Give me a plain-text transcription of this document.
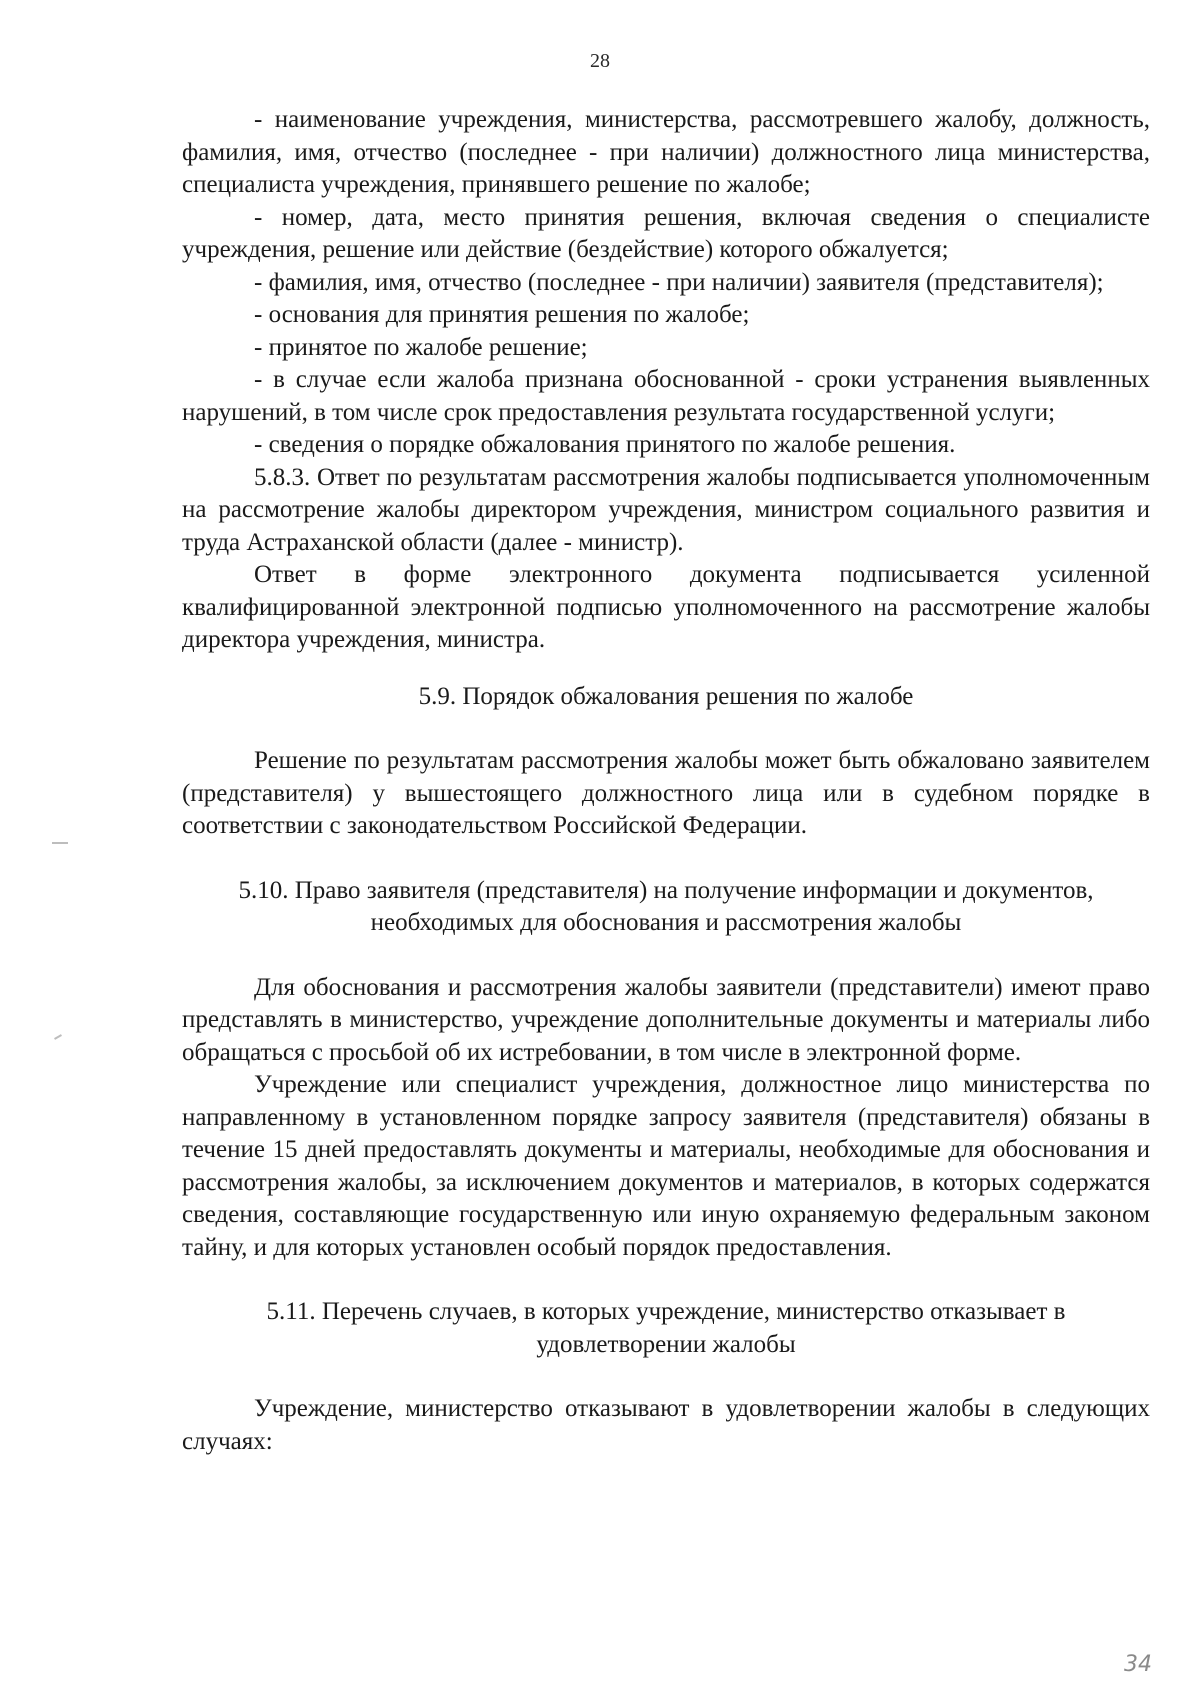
28

- наименование учреждения, министерства, рассмотревшего жалобу, должность, фамилия, имя, отчество (последнее - при наличии) должностного лица министерства, специалиста учреждения, принявшего решение по жалобе;

- номер, дата, место принятия решения, включая сведения о специалисте учреждения, решение или действие (бездействие) которого обжалуется;

- фамилия, имя, отчество (последнее - при наличии) заявителя (представителя);

- основания для принятия решения по жалобе;

- принятое по жалобе решение;

- в случае если жалоба признана обоснованной - сроки устранения выявленных нарушений, в том числе срок предоставления результата государственной услуги;

- сведения о порядке обжалования принятого по жалобе решения.

5.8.3. Ответ по результатам рассмотрения жалобы подписывается уполномоченным на рассмотрение жалобы директором учреждения, министром социального развития и труда Астраханской области (далее - министр).

Ответ в форме электронного документа подписывается усиленной квалифицированной электронной подписью уполномоченного на рассмотрение жалобы директора учреждения, министра.

5.9. Порядок обжалования решения по жалобе

Решение по результатам рассмотрения жалобы может быть обжаловано заявителем (представителя) у вышестоящего должностного лица или в судебном порядке в соответствии с законодательством Российской Федерации.

5.10. Право заявителя (представителя) на получение информации и документов, необходимых для обоснования и рассмотрения жалобы

Для обоснования и рассмотрения жалобы заявители (представители) имеют право представлять в министерство, учреждение дополнительные документы и материалы либо обращаться с просьбой об их истребовании, в том числе в электронной форме.

Учреждение или специалист учреждения, должностное лицо министерства по направленному в установленном порядке запросу заявителя (представителя) обязаны в течение 15 дней предоставлять документы и материалы, необходимые для обоснования и рассмотрения жалобы, за исключением документов и материалов, в которых содержатся сведения, составляющие государственную или иную охраняемую федеральным законом тайну, и для которых установлен особый порядок предоставления.

5.11. Перечень случаев, в которых учреждение, министерство отказывает в удовлетворении жалобы

Учреждение, министерство отказывают в удовлетворении жалобы в следующих случаях:

34
